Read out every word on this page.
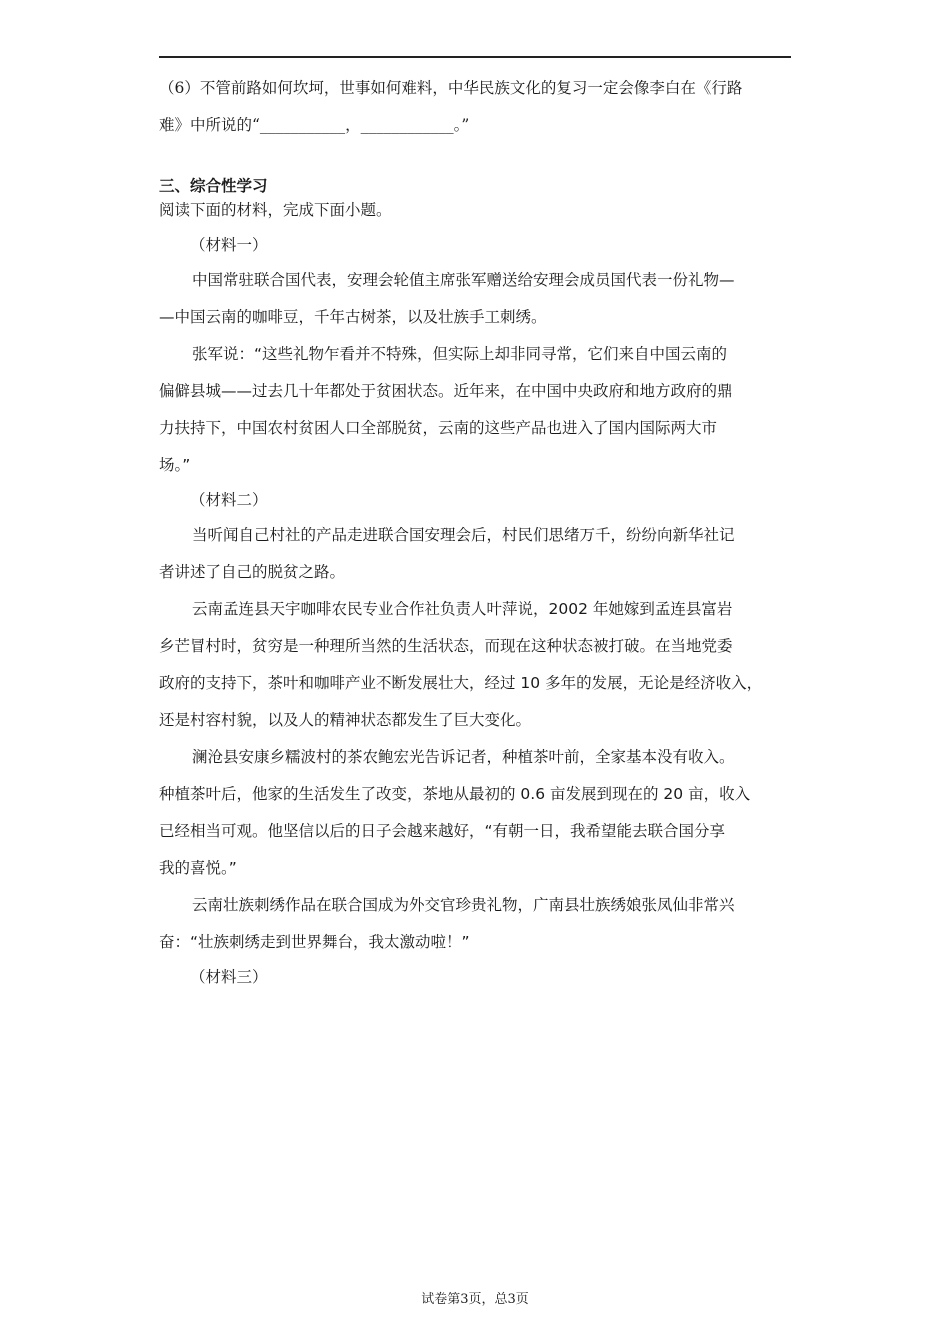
（6）不管前路如何坎坷，世事如何难料，中华民族文化的复习一定会像李白在《行路
难》中所说的“___________，____________。”
三、综合性学习
阅读下面的材料，完成下面小题。
（材料一）
中国常驻联合国代表，安理会轮值主席张军赠送给安理会成员国代表一份礼物—
—中国云南的咖啡豆，千年古树茶，以及壮族手工刺绣。
张军说：“这些礼物乍看并不特殊，但实际上却非同寻常，它们来自中国云南的
偏僻县城——过去几十年都处于贫困状态。近年来，在中国中央政府和地方政府的鼎
力扶持下，中国农村贫困人口全部脱贫，云南的这些产品也进入了国内国际两大市
场。”
（材料二）
当听闻自己村社的产品走进联合国安理会后，村民们思绪万千，纷纷向新华社记
者讲述了自己的脱贫之路。
云南孟连县天宇咖啡农民专业合作社负责人叶萍说，2002 年她嫁到孟连县富岩
乡芒冒村时，贫穷是一种理所当然的生活状态，而现在这种状态被打破。在当地党委
政府的支持下，茶叶和咖啡产业不断发展壮大，经过 10 多年的发展，无论是经济收入，
还是村容村貌，以及人的精神状态都发生了巨大变化。
澜沧县安康乡糯波村的茶农鲍宏光告诉记者，种植茶叶前，全家基本没有收入。
种植茶叶后，他家的生活发生了改变，茶地从最初的 0.6 亩发展到现在的 20 亩，收入
已经相当可观。他坚信以后的日子会越来越好，“有朝一日，我希望能去联合国分享
我的喜悦。”
云南壮族刺绣作品在联合国成为外交官珍贵礼物，广南县壮族绣娘张凤仙非常兴
奋：“壮族刺绣走到世界舞台，我太激动啦！”
（材料三）
试卷第3页，总3页
